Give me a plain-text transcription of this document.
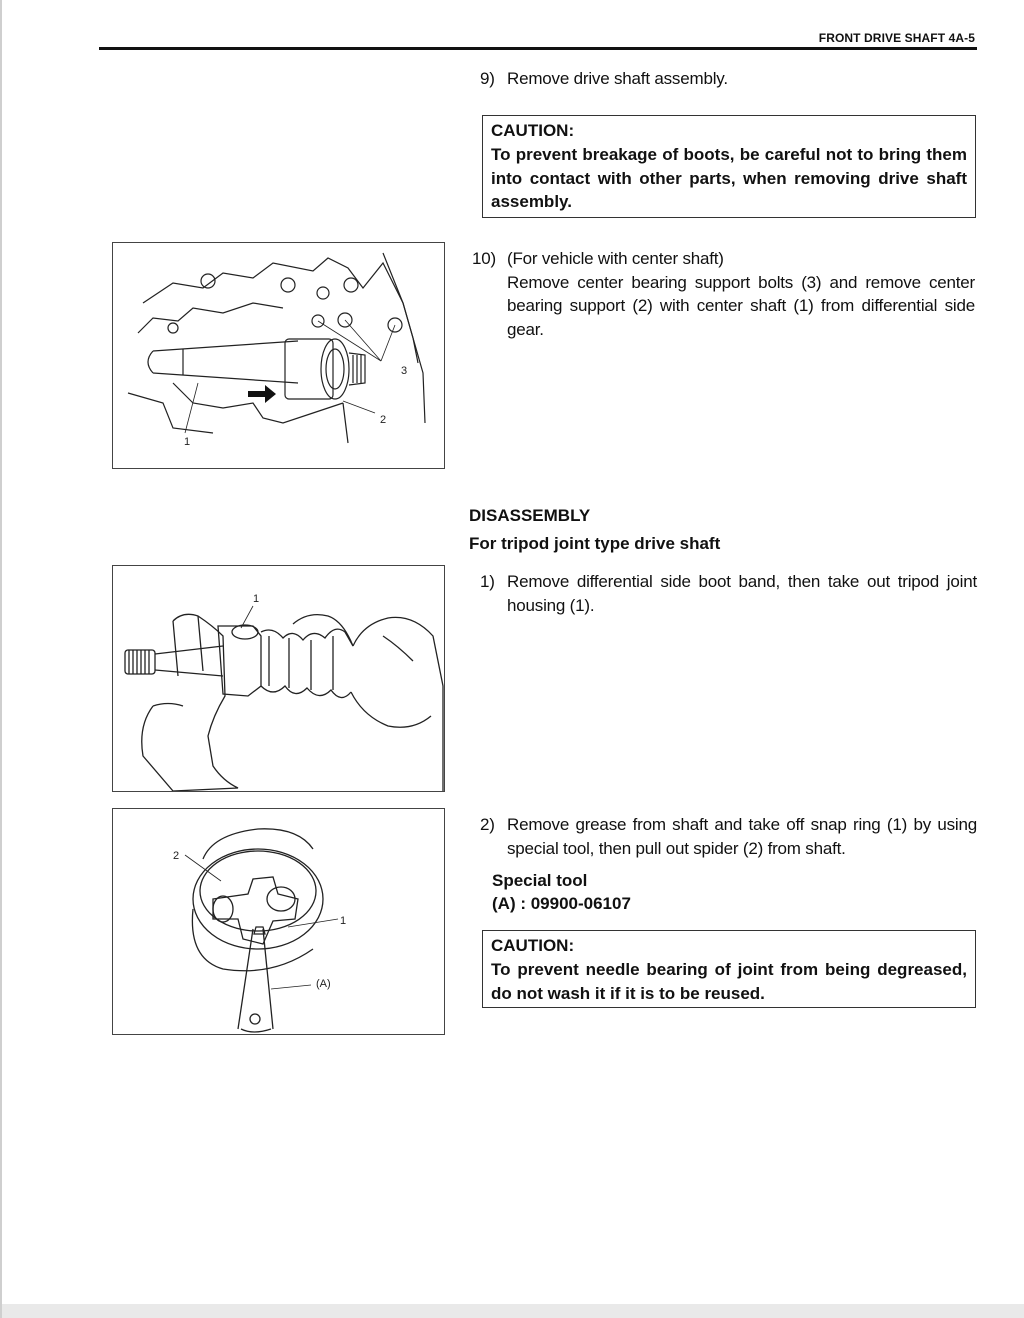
FRONT DRIVE SHAFT 4A-5
9) Remove drive shaft assembly.
CAUTION:
To prevent breakage of boots, be careful not to bring them into contact with other parts, when removing drive shaft assembly.
1
2
3
10) (For vehicle with center shaft)
Remove center bearing support bolts (3) and remove center bearing support (2) with center shaft (1) from differential side gear.
DISASSEMBLY
For tripod joint type drive shaft
1
1) Remove differential side boot band, then take out tripod joint housing (1).
2
1
(A)
2) Remove grease from shaft and take off snap ring (1) by using special tool, then pull out spider (2) from shaft.
Special tool
(A) : 09900-06107
CAUTION:
To prevent needle bearing of joint from being degreased, do not wash it if it is to be reused.
